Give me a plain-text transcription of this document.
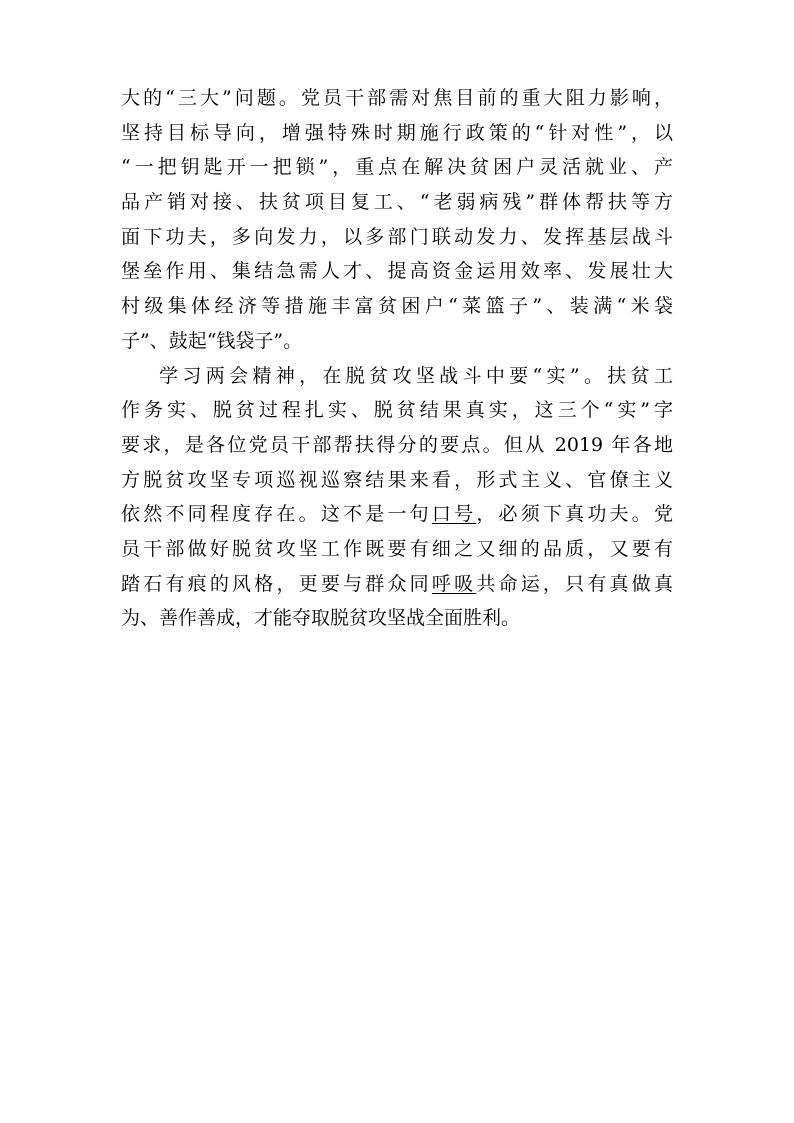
大的“三大”问题。党员干部需对焦目前的重大阻力影响，
坚持目标导向，增强特殊时期施行政策的“针对性”，以
“一把钥匙开一把锁”，重点在解决贫困户灵活就业、产
品产销对接、扶贫项目复工、“老弱病残”群体帮扶等方
面下功夫，多向发力，以多部门联动发力、发挥基层战斗
堡垒作用、集结急需人才、提高资金运用效率、发展壮大
村级集体经济等措施丰富贫困户“菜篮子”、装满“米袋
子”、鼓起“钱袋子”。
学习两会精神，在脱贫攻坚战斗中要“实”。扶贫工
作务实、脱贫过程扎实、脱贫结果真实，这三个“实”字
要求，是各位党员干部帮扶得分的要点。但从 2019 年各地
方脱贫攻坚专项巡视巡察结果来看，形式主义、官僚主义
依然不同程度存在。这不是一句口号，必须下真功夫。党
员干部做好脱贫攻坚工作既要有细之又细的品质，又要有
踏石有痕的风格，更要与群众同呼吸共命运，只有真做真
为、善作善成，才能夺取脱贫攻坚战全面胜利。
